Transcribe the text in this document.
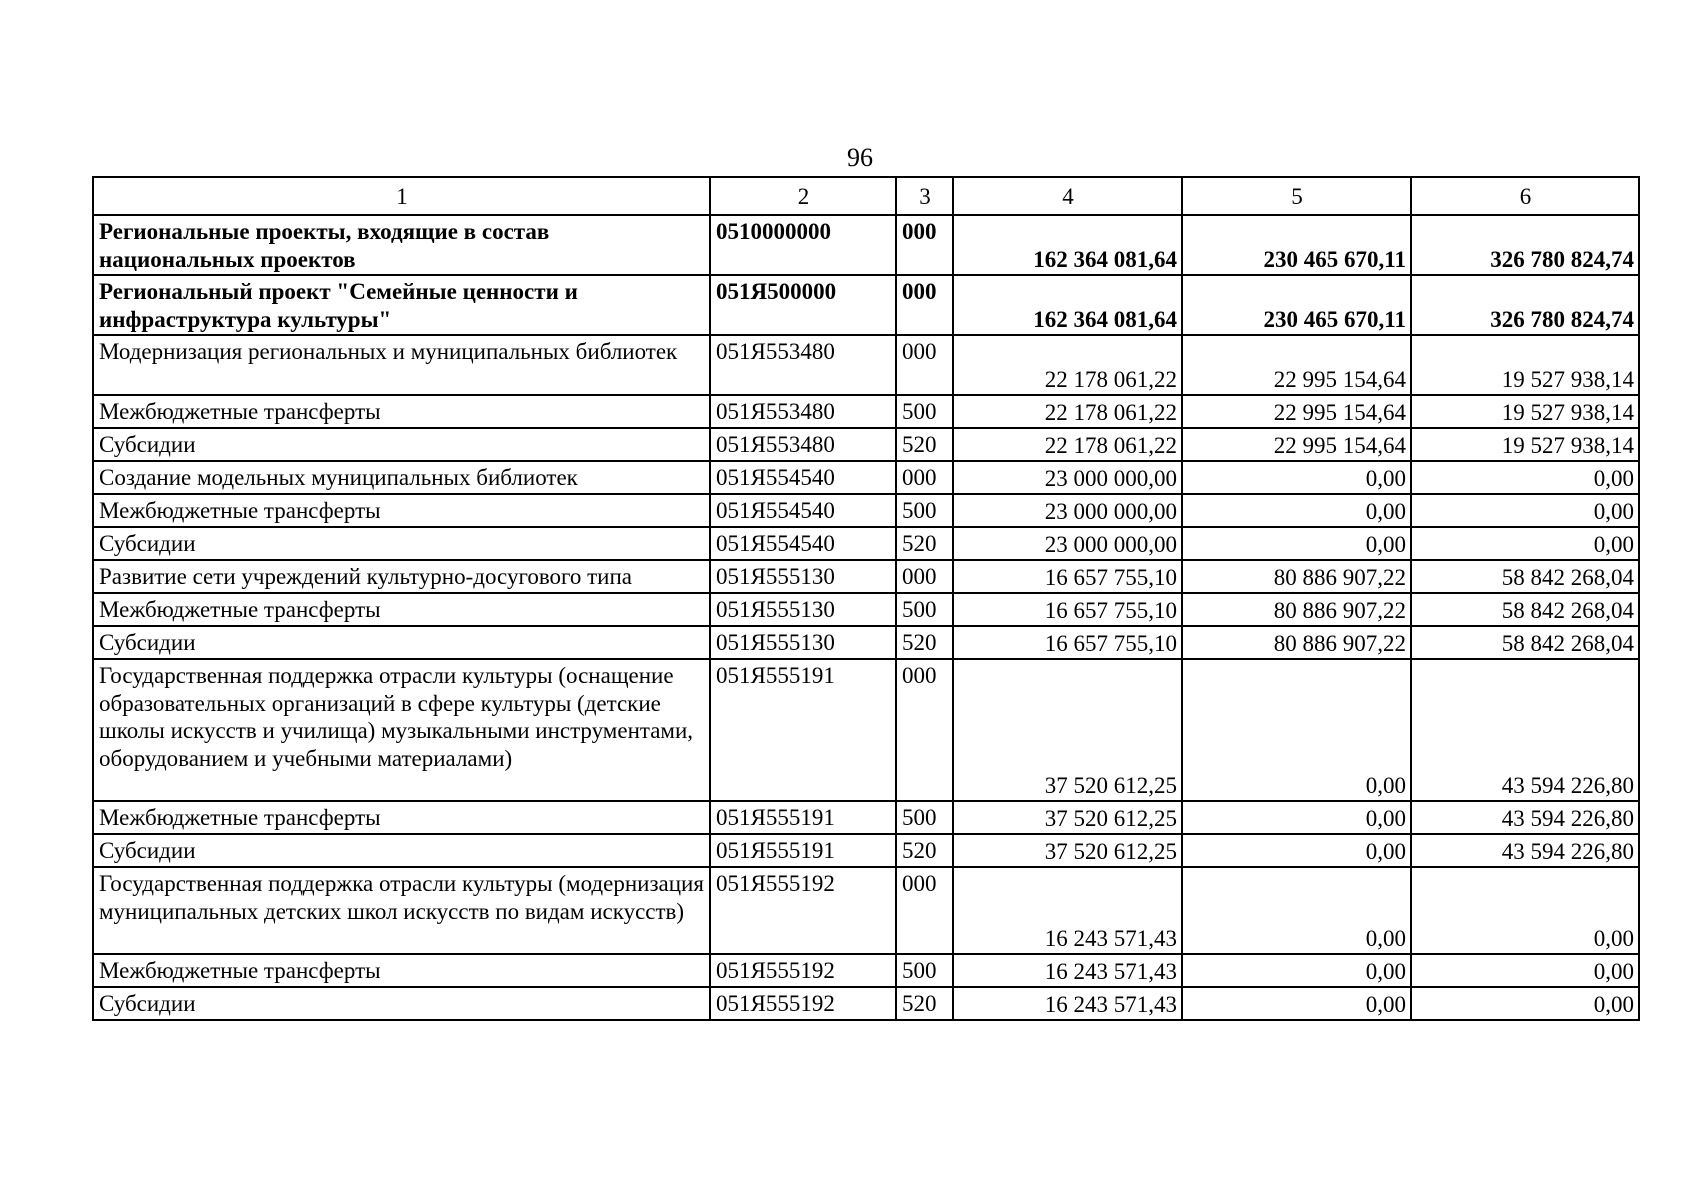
96
1	2	3	4	5	6
Региональные проекты, входящие в состав национальных проектов	0510000000	000	162 364 081,64	230 465 670,11	326 780 824,74
Региональный проект "Семейные ценности и инфраструктура культуры"	051Я500000	000	162 364 081,64	230 465 670,11	326 780 824,74
Модернизация региональных и муниципальных библиотек	051Я553480	000	22 178 061,22	22 995 154,64	19 527 938,14
Межбюджетные трансферты	051Я553480	500	22 178 061,22	22 995 154,64	19 527 938,14
Субсидии	051Я553480	520	22 178 061,22	22 995 154,64	19 527 938,14
Создание модельных муниципальных библиотек	051Я554540	000	23 000 000,00	0,00	0,00
Межбюджетные трансферты	051Я554540	500	23 000 000,00	0,00	0,00
Субсидии	051Я554540	520	23 000 000,00	0,00	0,00
Развитие сети учреждений культурно-досугового типа	051Я555130	000	16 657 755,10	80 886 907,22	58 842 268,04
Межбюджетные трансферты	051Я555130	500	16 657 755,10	80 886 907,22	58 842 268,04
Субсидии	051Я555130	520	16 657 755,10	80 886 907,22	58 842 268,04
Государственная поддержка отрасли культуры (оснащение образовательных организаций в сфере культуры (детские школы искусств и училища) музыкальными инструментами, оборудованием и учебными материалами)	051Я555191	000	37 520 612,25	0,00	43 594 226,80
Межбюджетные трансферты	051Я555191	500	37 520 612,25	0,00	43 594 226,80
Субсидии	051Я555191	520	37 520 612,25	0,00	43 594 226,80
Государственная поддержка отрасли культуры (модернизация муниципальных детских школ искусств по видам искусств)	051Я555192	000	16 243 571,43	0,00	0,00
Межбюджетные трансферты	051Я555192	500	16 243 571,43	0,00	0,00
Субсидии	051Я555192	520	16 243 571,43	0,00	0,00
